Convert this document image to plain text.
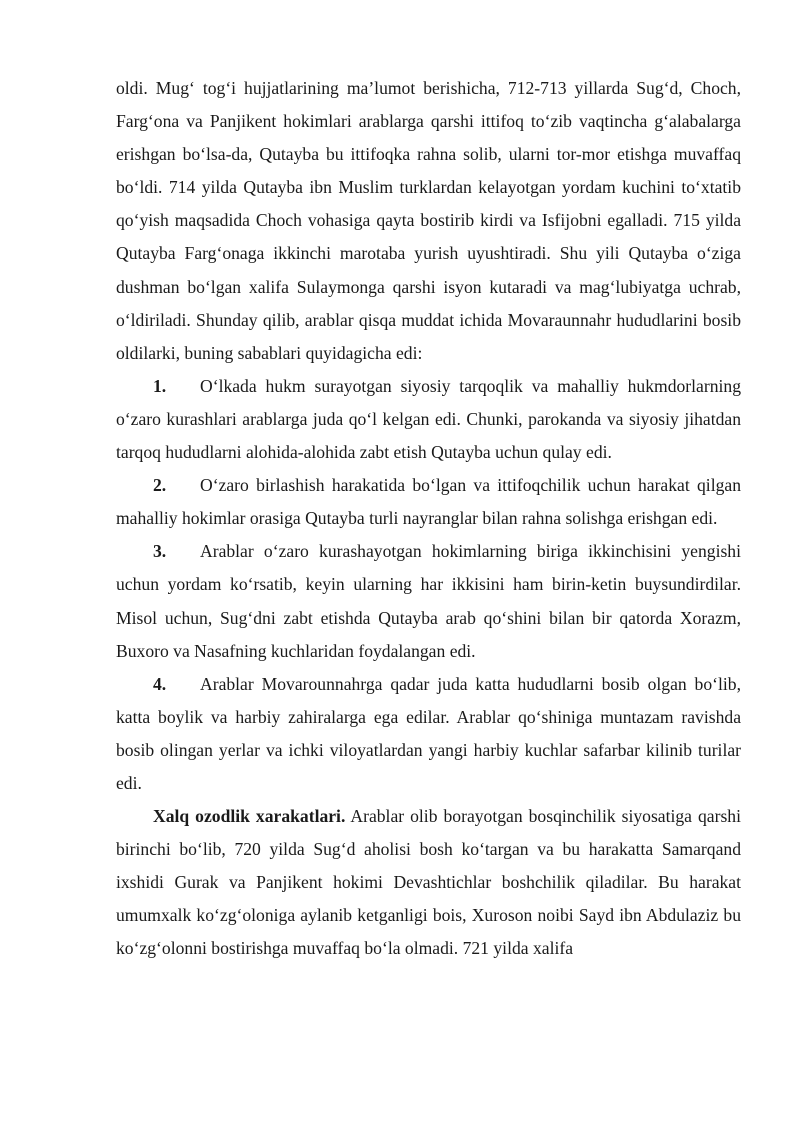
oldi. Mug‘ tog‘i hujjatlarining ma’lumot berishicha, 712-713 yillarda Sug‘d, Choch, Farg‘ona va Panjikent hokimlari arablarga qarshi ittifoq to‘zib vaqtincha g‘alabalarga erishgan bo‘lsa-da, Qutayba bu ittifoqka rahna solib, ularni tor-mor etishga muvaffaq bo‘ldi. 714 yilda Qutayba ibn Muslim turklardan kelayotgan yordam kuchini to‘xtatib qo‘yish maqsadida Choch vohasiga qayta bostirib kirdi va Isfijobni egalladi. 715 yilda Qutayba Farg‘onaga ikkinchi marotaba yurish uyushtiradi. Shu yili Qutayba o‘ziga dushman bo‘lgan xalifa Sulaymonga qarshi isyon kutaradi va mag‘lubiyatga uchrab, o‘ldiriladi. Shunday qilib, arablar qisqa muddat ichida Movaraunnahr hududlarini bosib oldilarki, buning sabablari quyidagicha edi:

1. O‘lkada hukm surayotgan siyosiy tarqoqlik va mahalliy hukmdorlarning o‘zaro kurashlari arablarga juda qo‘l kelgan edi. Chunki, parokanda va siyosiy jihatdan tarqoq hududlarni alohida-alohida zabt etish Qutayba uchun qulay edi.

2. O‘zaro birlashish harakatida bo‘lgan va ittifoqchilik uchun harakat qilgan mahalliy hokimlar orasiga Qutayba turli nayranglar bilan rahna solishga erishgan edi.

3. Arablar o‘zaro kurashayotgan hokimlarning biriga ikkinchisini yengishi uchun yordam ko‘rsatib, keyin ularning har ikkisini ham birin-ketin buysundirdilar. Misol uchun, Sug‘dni zabt etishda Qutayba arab qo‘shini bilan bir qatorda Xorazm, Buxoro va Nasafning kuchlaridan foydalangan edi.

4. Arablar Movarounnahrga qadar juda katta hududlarni bosib olgan bo‘lib, katta boylik va harbiy zahiralarga ega edilar. Arablar qo‘shiniga muntazam ravishda bosib olingan yerlar va ichki viloyatlardan yangi harbiy kuchlar safarbar kilinib turilar edi.

Xalq ozodlik xarakatlari. Arablar olib borayotgan bosqinchilik siyosatiga qarshi birinchi bo‘lib, 720 yilda Sug‘d aholisi bosh ko‘targan va bu harakatta Samarqand ixshidi Gurak va Panjikent hokimi Devashtichlar boshchilik qiladilar. Bu harakat umumxalk ko‘zg‘oloniga aylanib ketganligi bois, Xuroson noibi Sayd ibn Abdulaziz bu ko‘zg‘olonni bostirishga muvaffaq bo‘la olmadi. 721 yilda xalifa
